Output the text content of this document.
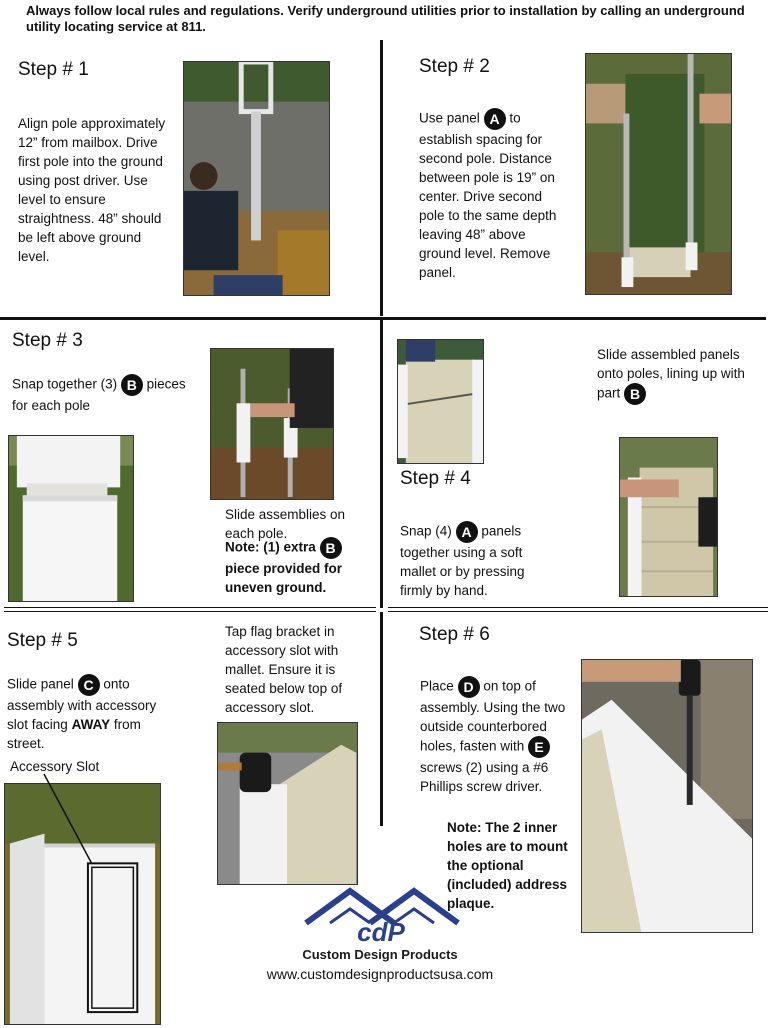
Always follow local rules and regulations. Verify underground utilities prior to installation by calling an underground utility locating service at 811.
Step # 1
Align pole approximately 12” from mailbox. Drive first pole into the ground using post driver. Use level to ensure straightness. 48” should be left above ground level.
Step # 2
Use panel A to establish spacing for second pole. Distance between pole is 19” on center. Drive second pole to the same depth leaving 48” above ground level. Remove panel.
Step # 3
Snap together (3) B pieces for each pole
Slide assemblies on each pole.
Note: (1) extra B piece provided for uneven ground.
Step # 4
Slide assembled panels onto poles, lining up with part B
Snap (4) A panels together using a soft mallet or by pressing firmly by hand.
Step # 5
Slide panel C onto assembly with accessory slot facing AWAY from street.
Accessory Slot
Tap flag bracket in accessory slot with mallet. Ensure it is seated below top of accessory slot.
Step # 6
Place D on top of assembly. Using the two outside counterbored holes, fasten with E screws (2) using a #6 Phillips screw driver.
Note: The 2 inner holes are to mount the optional (included) address plaque.
cdP
Custom Design Products
www.customdesignproductsusa.com
